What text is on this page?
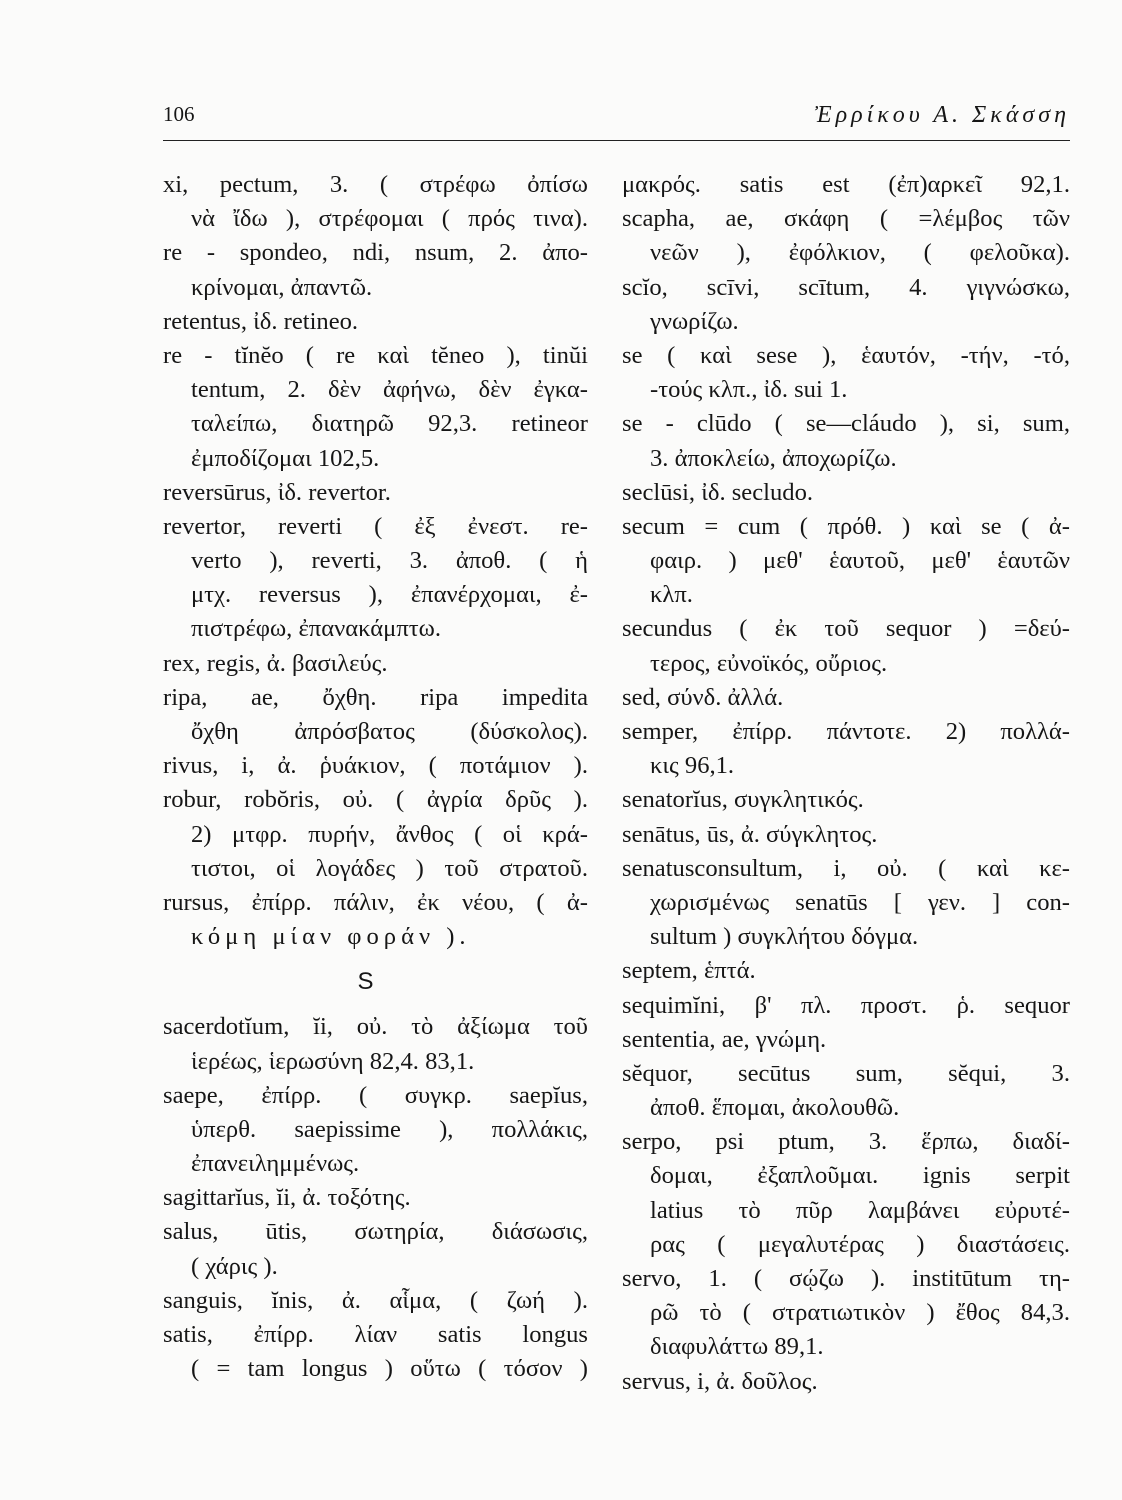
106	Ἐρρίκου Α. Σκάσση
xi, pectum, 3. ( στρέφω ὀπίσω
νὰ ἴδω ), στρέφομαι ( πρός τινα).
re - spondeo, ndi, nsum, 2. ἀπο-
κρίνομαι, ἀπαντῶ.
retentus, ἰδ. retineo.
re - tĭnĕo ( re καὶ tĕneo ), tinŭi
tentum, 2. δὲν ἀφήνω, δὲν ἐγκα-
ταλείπω, διατηρῶ 92,3. retineor
ἐμποδίζομαι 102,5.
reversūrus, ἰδ. revertor.
revertor, reverti ( ἐξ ἐνεστ. re-
verto ), reverti, 3. ἀποθ. ( ἡ
μτχ. reversus ), ἐπανέρχομαι, ἐ-
πιστρέφω, ἐπανακάμπτω.
rex, regis, ἀ. βασιλεύς.
ripa, ae, ὄχθη. ripa impedita
ὄχθη ἀπρόσβατος (δύσκολος).
rivus, i, ἀ. ῥυάκιον, ( ποτάμιον ).
robur, robŏris, οὐ. ( ἀγρία δρῦς ).
2) μτφρ. πυρήν, ἄνθος ( οἱ κρά-
τιστοι, οἱ λογάδες ) τοῦ στρατοῦ.
rursus, ἐπίρρ. πάλιν, ἐκ νέου, ( ἀ-
κόμη μίαν φοράν ).
S
sacerdotĭum, ĭi, οὐ. τὸ ἀξίωμα τοῦ
ἱερέως, ἱερωσύνη 82,4. 83,1.
saepe, ἐπίρρ. ( συγκρ. saepĭus,
ὑπερθ. saepissime ), πολλάκις,
ἐπανειλημμένως.
sagittarĭus, ĭi, ἀ. τοξότης.
salus, ūtis, σωτηρία, διάσωσις,
( χάρις ).
sanguis, ĭnis, ἀ. αἷμα, ( ζωή ).
satis, ἐπίρρ. λίαν satis longus
( = tam longus ) οὕτω ( τόσον )
μακρός. satis est (ἐπ)αρκεῖ 92,1.
scapha, ae, σκάφη ( =λέμβος τῶν
νεῶν ), ἐφόλκιον, ( φελοῦκα).
scĭo, scīvi, scītum, 4. γιγνώσκω,
γνωρίζω.
se ( καὶ sese ), ἑαυτόν, -τήν, -τό,
-τούς κλπ., ἰδ. sui 1.
se - clūdo ( se—cláudo ), si, sum,
3. ἀποκλείω, ἀποχωρίζω.
seclūsi, ἰδ. secludo.
secum = cum ( πρόθ. ) καὶ se ( ἀ-
φαιρ. ) μεθ' ἑαυτοῦ, μεθ' ἑαυτῶν
κλπ.
secundus ( ἐκ τοῦ sequor ) =δεύ-
τερος, εὐνοϊκός, οὔριος.
sed, σύνδ. ἀλλά.
semper, ἐπίρρ. πάντοτε. 2) πολλά-
κις 96,1.
senatorĭus, συγκλητικός.
senātus, ūs, ἀ. σύγκλητος.
senatusconsultum, i, οὐ. ( καὶ κε-
χωρισμένως senatūs [ γεν. ] con-
sultum ) συγκλήτου δόγμα.
septem, ἑπτά.
sequimĭni, β' πλ. προστ. ῥ. sequor
sententia, ae, γνώμη.
sĕquor, secūtus sum, sĕqui, 3.
ἀποθ. ἕπομαι, ἀκολουθῶ.
serpo, psi ptum, 3. ἕρπω, διαδί-
δομαι, ἐξαπλοῦμαι. ignis serpit
latius τὸ πῦρ λαμβάνει εὐρυτέ-
ρας ( μεγαλυτέρας ) διαστάσεις.
servo, 1. ( σῴζω ). institūtum τη-
ρῶ τὸ ( στρατιωτικὸν ) ἔθος 84,3.
διαφυλάττω 89,1.
servus, i, ἀ. δοῦλος.
